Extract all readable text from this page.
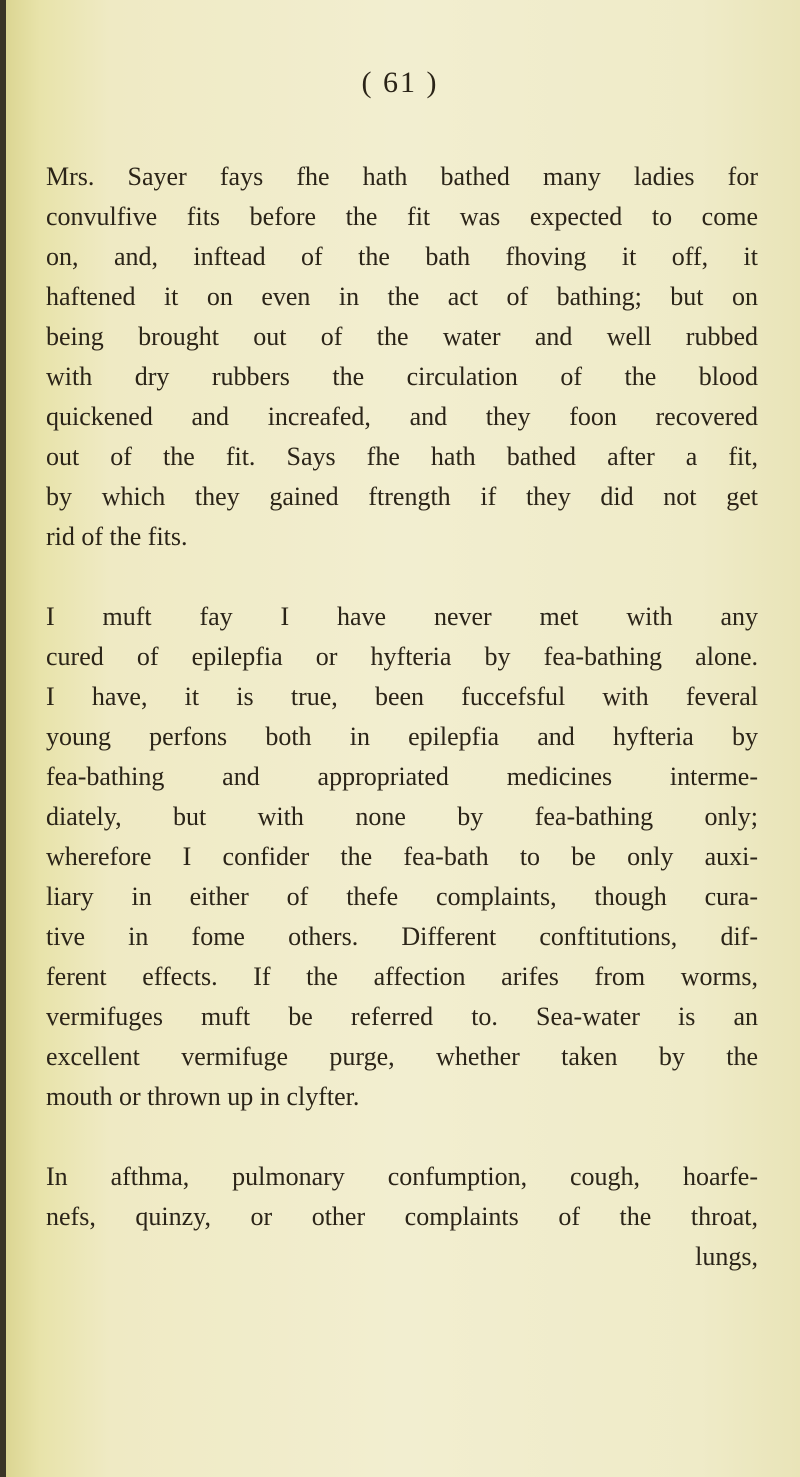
( 61 )
Mrs. Sayer fays fhe hath bathed many ladies for
convulfive fits before the fit was expected to come
on, and, inftead of the bath fhoving it off, it
haftened it on even in the act of bathing; but on
being brought out of the water and well rubbed
with dry rubbers the circulation of the blood
quickened and increafed, and they foon recovered
out of the fit. Says fhe hath bathed after a fit,
by which they gained ftrength if they did not get
rid of the fits.
I muft fay I have never met with any
cured of epilepfia or hyfteria by fea-bathing alone.
I have, it is true, been fuccefsful with feveral
young perfons both in epilepfia and hyfteria by
fea-bathing and appropriated medicines interme-
diately, but with none by fea-bathing only;
wherefore I confider the fea-bath to be only auxi-
liary in either of thefe complaints, though cura-
tive in fome others. Different conftitutions, dif-
ferent effects. If the affection arifes from worms,
vermifuges muft be referred to. Sea-water is an
excellent vermifuge purge, whether taken by the
mouth or thrown up in clyfter.
In afthma, pulmonary confumption, cough, hoarfe-
nefs, quinzy, or other complaints of the throat,
lungs,
